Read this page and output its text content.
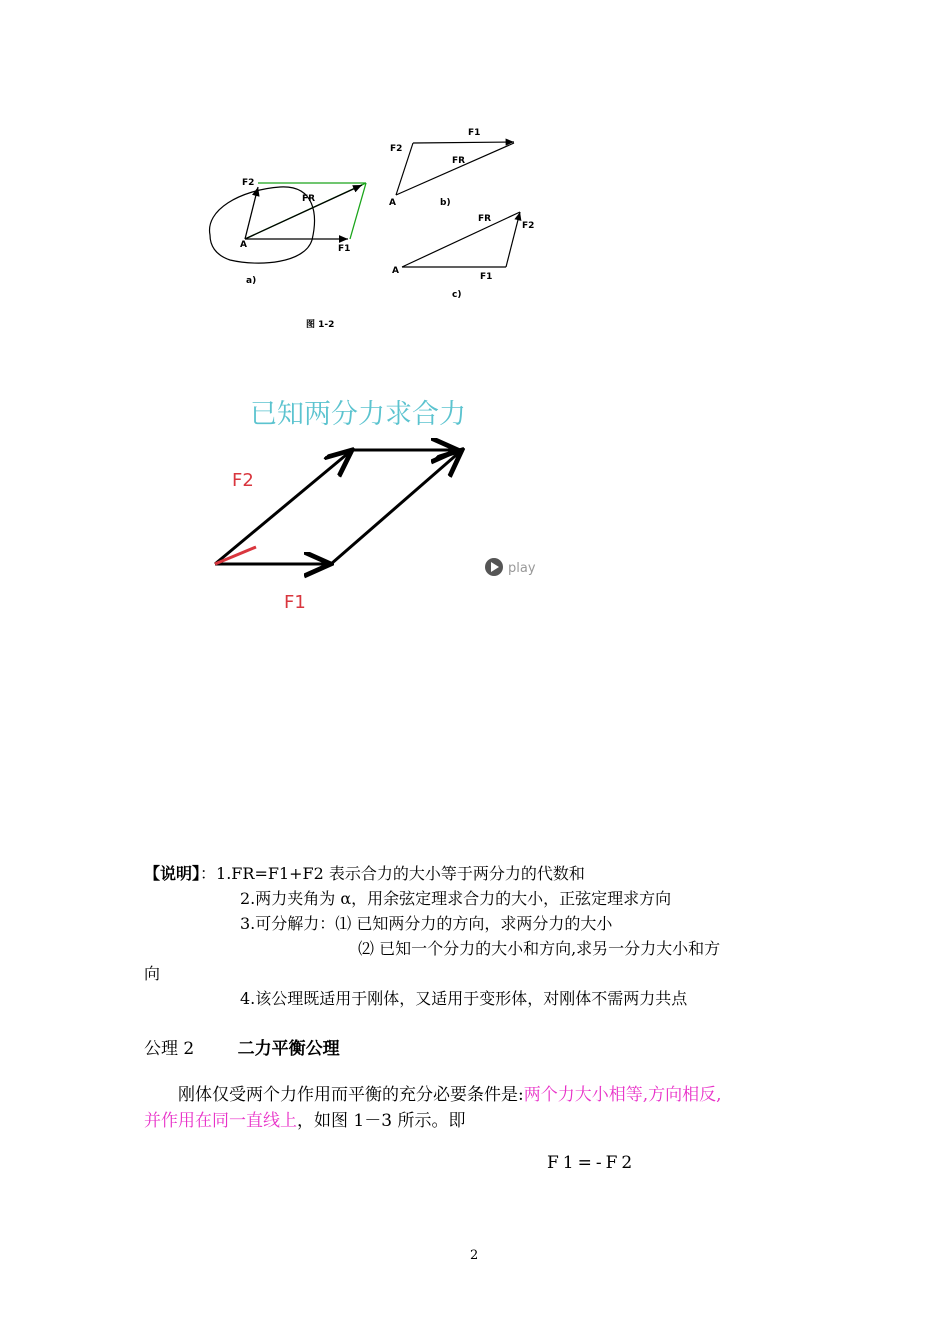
F2
FR
F1
A
a)
F1
F2
FR
A	b)
FR
F2
F1
A
c)
图 1-2
已知两分力求合力
F2
F1
play
【说明】：1.FR=F1+F2 表示合力的大小等于两分力的代数和
2.两力夹角为 α，用余弦定理求合力的大小，正弦定理求方向
3.可分解力：⑴ 已知两分力的方向，求两分力的大小
⑵ 已知一个分力的大小和方向,求另一分力大小和方
向
4.该公理既适用于刚体，又适用于变形体，对刚体不需两力共点
公理 2	二力平衡公理
刚体仅受两个力作用而平衡的充分必要条件是:两个力大小相等,方向相反,
并作用在同一直线上，如图 1－3 所示。即
F1=-F2
2
